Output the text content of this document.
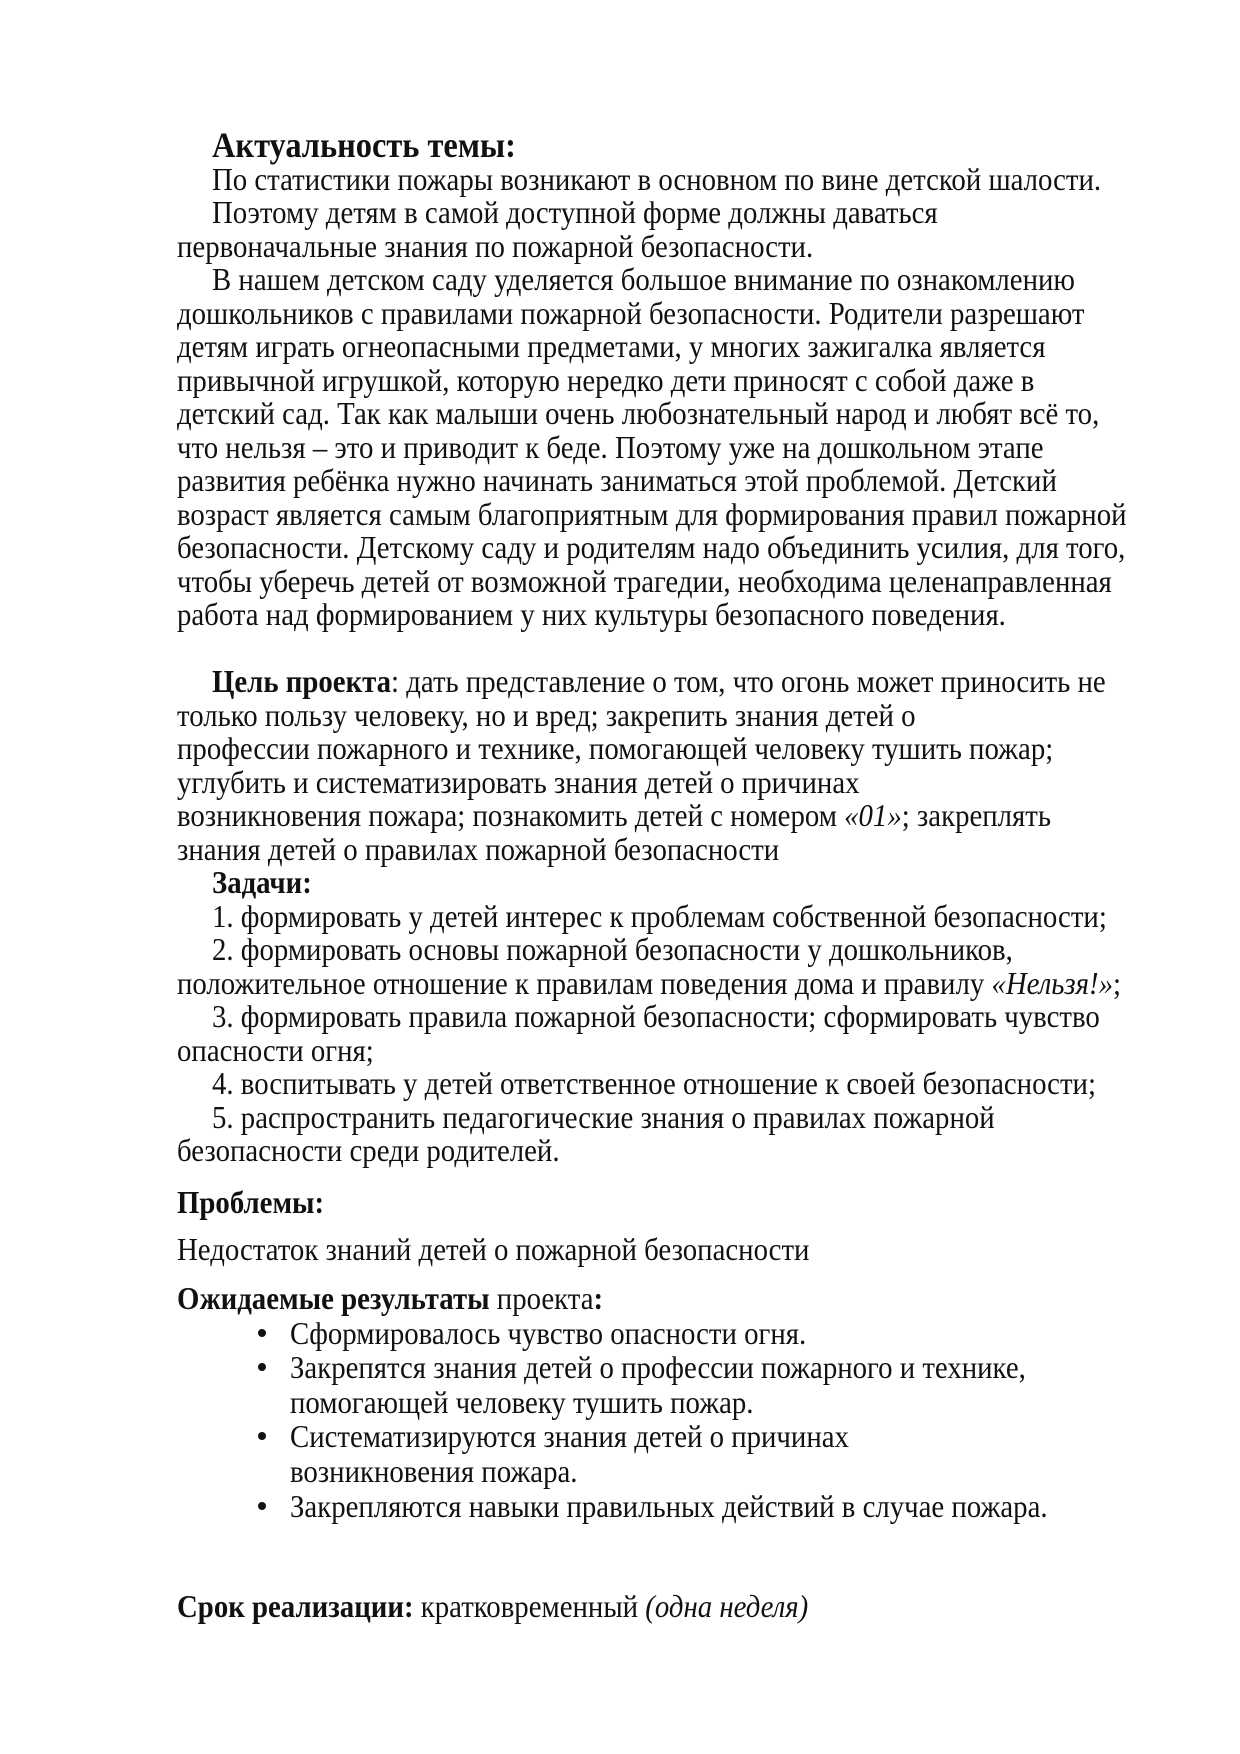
Актуальность темы:
По статистики пожары возникают в основном по вине детской шалости.
Поэтому детям в самой доступной форме должны даваться
первоначальные знания по пожарной безопасности.
В нашем детском саду уделяется большое внимание по ознакомлению
дошкольников с правилами пожарной безопасности. Родители разрешают
детям играть огнеопасными предметами, у многих зажигалка является
привычной игрушкой, которую нередко дети приносят с собой даже в
детский сад. Так как малыши очень любознательный народ и любят всё то,
что нельзя – это и приводит к беде. Поэтому уже на дошкольном этапе
развития ребёнка нужно начинать заниматься этой проблемой. Детский
возраст является самым благоприятным для формирования правил пожарной
безопасности. Детскому саду и родителям надо объединить усилия, для того,
чтобы уберечь детей от возможной трагедии, необходима целенаправленная
работа над формированием у них культуры безопасного поведения.
Цель проекта: дать представление о том, что огонь может приносить не
только пользу человеку, но и вред; закрепить знания детей о
профессии пожарного и технике, помогающей человеку тушить пожар;
углубить и систематизировать знания детей о причинах
возникновения пожара; познакомить детей с номером «01»; закреплять
знания детей о правилах пожарной безопасности
Задачи:
1. формировать у детей интерес к проблемам собственной безопасности;
2. формировать основы пожарной безопасности у дошкольников,
положительное отношение к правилам поведения дома и правилу «Нельзя!»;
3. формировать правила пожарной безопасности; сформировать чувство
опасности огня;
4. воспитывать у детей ответственное отношение к своей безопасности;
5. распространить педагогические знания о правилах пожарной
безопасности среди родителей.
Проблемы:
Недостаток знаний детей о пожарной безопасности
Ожидаемые результаты проекта:
Сформировалось чувство опасности огня.
Закрепятся знания детей о профессии пожарного и технике,
помогающей человеку тушить пожар.
Систематизируются знания детей о причинах
возникновения пожара.
Закрепляются навыки правильных действий в случае пожара.
Срок реализации: кратковременный (одна неделя)
